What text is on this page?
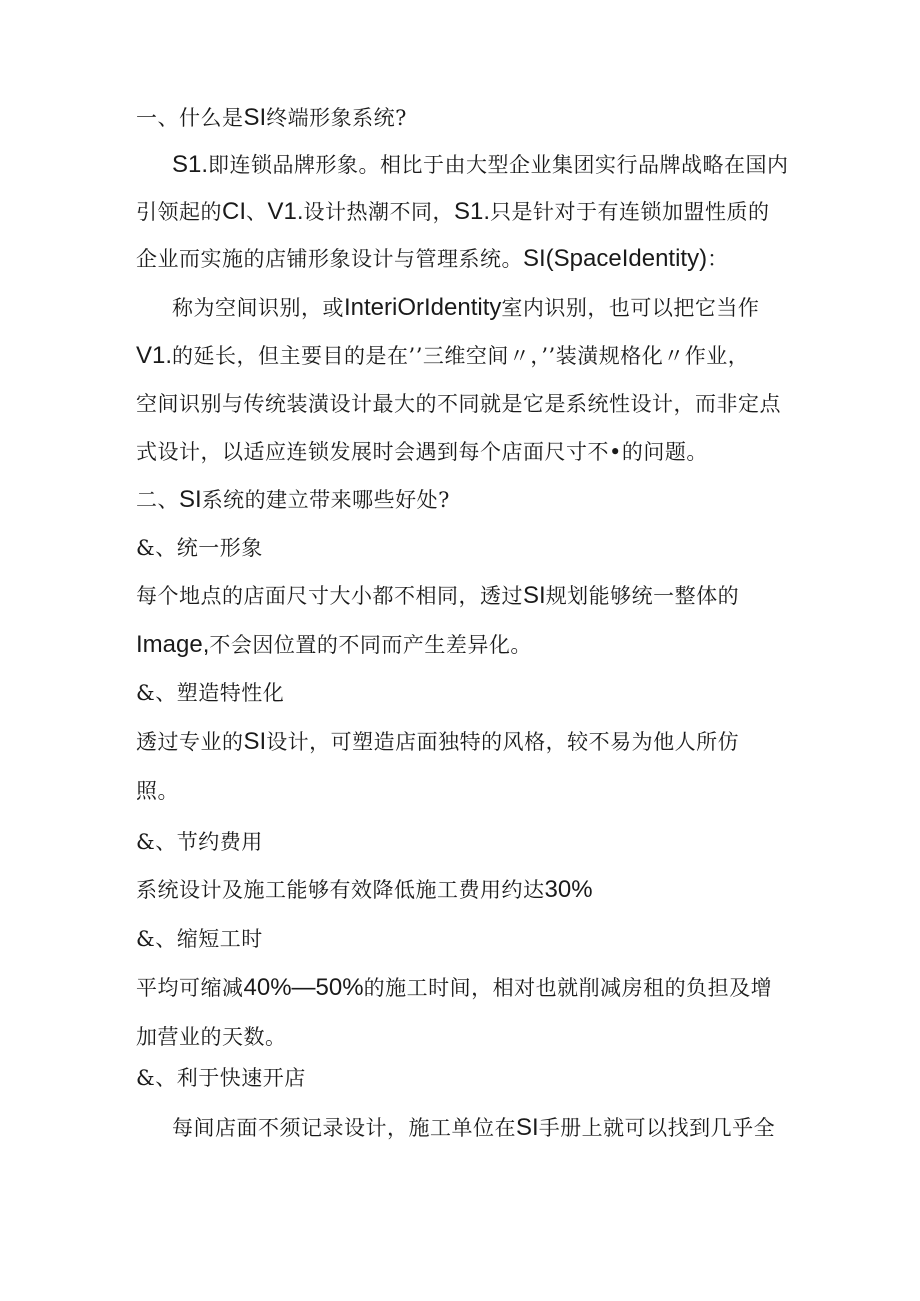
一、什么是SI终端形象系统?
S1.即连锁品牌形象。相比于由大型企业集团实行品牌战略在国内
引领起的CI、V1.设计热潮不同，S1.只是针对于有连锁加盟性质的
企业而实施的店铺形象设计与管理系统。SI(SpaceIdentity)：
称为空间识别，或InteriOrIdentity室内识别，也可以把它当作
V1.的延长，但主要目的是在’’三维空间〃，’’装潢规格化〃作业，
空间识别与传统装潢设计最大的不同就是它是系统性设计，而非定点
式设计，以适应连锁发展时会遇到每个店面尺寸不•的问题。
二、SI系统的建立带来哪些好处?
&、统一形象
每个地点的店面尺寸大小都不相同，透过SI规划能够统一整体的
Image,不会因位置的不同而产生差异化。
&、塑造特性化
透过专业的SI设计，可塑造店面独特的风格，较不易为他人所仿
照。
&、节约费用
系统设计及施工能够有效降低施工费用约达30%
&、缩短工时
平均可缩减40%—50%的施工时间，相对也就削减房租的负担及增
加营业的天数。
&、利于快速开店
每间店面不须记录设计，施工单位在SI手册上就可以找到几乎全
